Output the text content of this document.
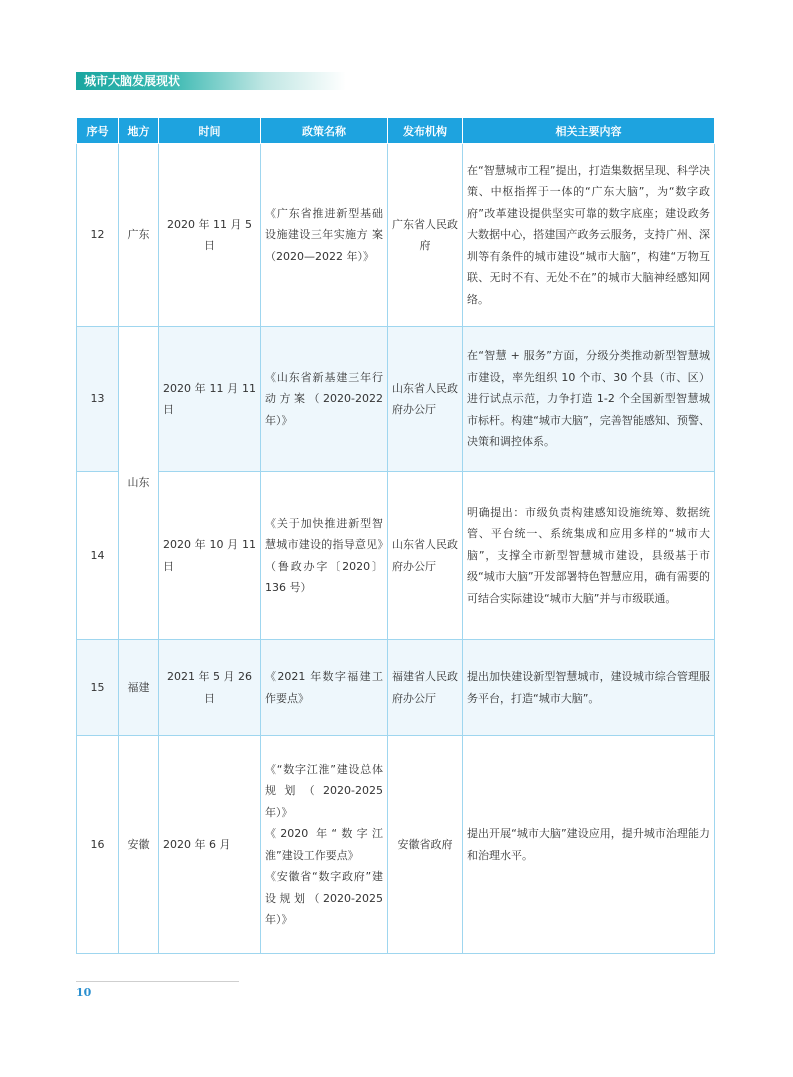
城市大脑发展现状
序号	地方	时间	政策名称	发布机构	相关主要内容
12	广东	2020 年 11 月 5 日	《广东省推进新型基础设施建设三年实施方 案（2020—2022 年）》	广东省人民政府	在“智慧城市工程”提出，打造集数据呈现、科学决策、中枢指挥于一体的“广东大脑”，为“数字政府”改革建设提供坚实可靠的数字底座；建设政务大数据中心，搭建国产政务云服务，支持广州、深圳等有条件的城市建设“城市大脑”，构建“万物互联、无时不有、无处不在”的城市大脑神经感知网络。
13	山东	2020 年 11 月 11 日	《山东省新基建三年行动方案（2020-2022 年）》	山东省人民政府办公厅	在“智慧 + 服务”方面，分级分类推动新型智慧城市建设，率先组织 10 个市、30 个县（市、区）进行试点示范，力争打造 1-2 个全国新型智慧城市标杆。构建“城市大脑”，完善智能感知、预警、决策和调控体系。
14		2020 年 10 月 11 日	《关于加快推进新型智慧城市建设的指导意见》（鲁政办字〔2020〕136 号）	山东省人民政府办公厅	明确提出：市级负责构建感知设施统筹、数据统管、平台统一、系统集成和应用多样的“城市大脑”，支撑全市新型智慧城市建设，县级基于市级“城市大脑”开发部署特色智慧应用，确有需要的可结合实际建设“城市大脑”并与市级联通。
15	福建	2021 年 5 月 26 日	《2021 年数字福建工作要点》	福建省人民政府办公厅	提出加快建设新型智慧城市，建设城市综合管理服务平台，打造“城市大脑”。
16	安徽	2020 年 6 月	《“数字江淮”建设总体规划（2020-2025 年）》
《2020 年“数字江淮”建设工作要点》
《安徽省“数字政府”建设规划（2020-2025 年）》	安徽省政府	提出开展“城市大脑”建设应用，提升城市治理能力和治理水平。
10
